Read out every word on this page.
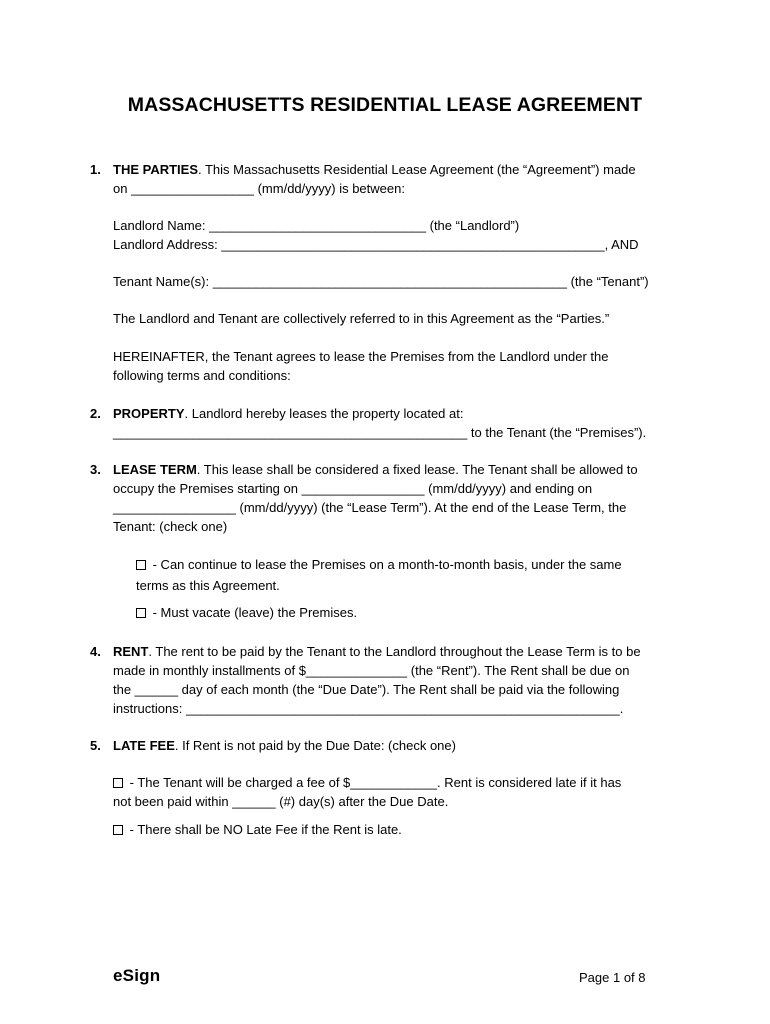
MASSACHUSETTS RESIDENTIAL LEASE AGREEMENT
1. THE PARTIES. This Massachusetts Residential Lease Agreement (the “Agreement”) made
on _________________ (mm/dd/yyyy) is between:
Landlord Name: ______________________________ (the “Landlord”)
Landlord Address: _____________________________________________________, AND
Tenant Name(s): _________________________________________________ (the “Tenant”)
The Landlord and Tenant are collectively referred to in this Agreement as the “Parties.”
HEREINAFTER, the Tenant agrees to lease the Premises from the Landlord under the
following terms and conditions:
2. PROPERTY. Landlord hereby leases the property located at:
_________________________________________________ to the Tenant (the “Premises”).
3. LEASE TERM. This lease shall be considered a fixed lease. The Tenant shall be allowed to
occupy the Premises starting on _________________ (mm/dd/yyyy) and ending on
_________________ (mm/dd/yyyy) (the “Lease Term”). At the end of the Lease Term, the
Tenant: (check one)
- Can continue to lease the Premises on a month-to-month basis, under the same
terms as this Agreement.
- Must vacate (leave) the Premises.
4. RENT. The rent to be paid by the Tenant to the Landlord throughout the Lease Term is to be
made in monthly installments of $______________ (the “Rent”). The Rent shall be due on
the ______ day of each month (the “Due Date”). The Rent shall be paid via the following
instructions: ____________________________________________________________.
5. LATE FEE. If Rent is not paid by the Due Date: (check one)
- The Tenant will be charged a fee of $____________. Rent is considered late if it has
not been paid within ______ (#) day(s) after the Due Date.
- There shall be NO Late Fee if the Rent is late.
eSign	Page 1 of 8
